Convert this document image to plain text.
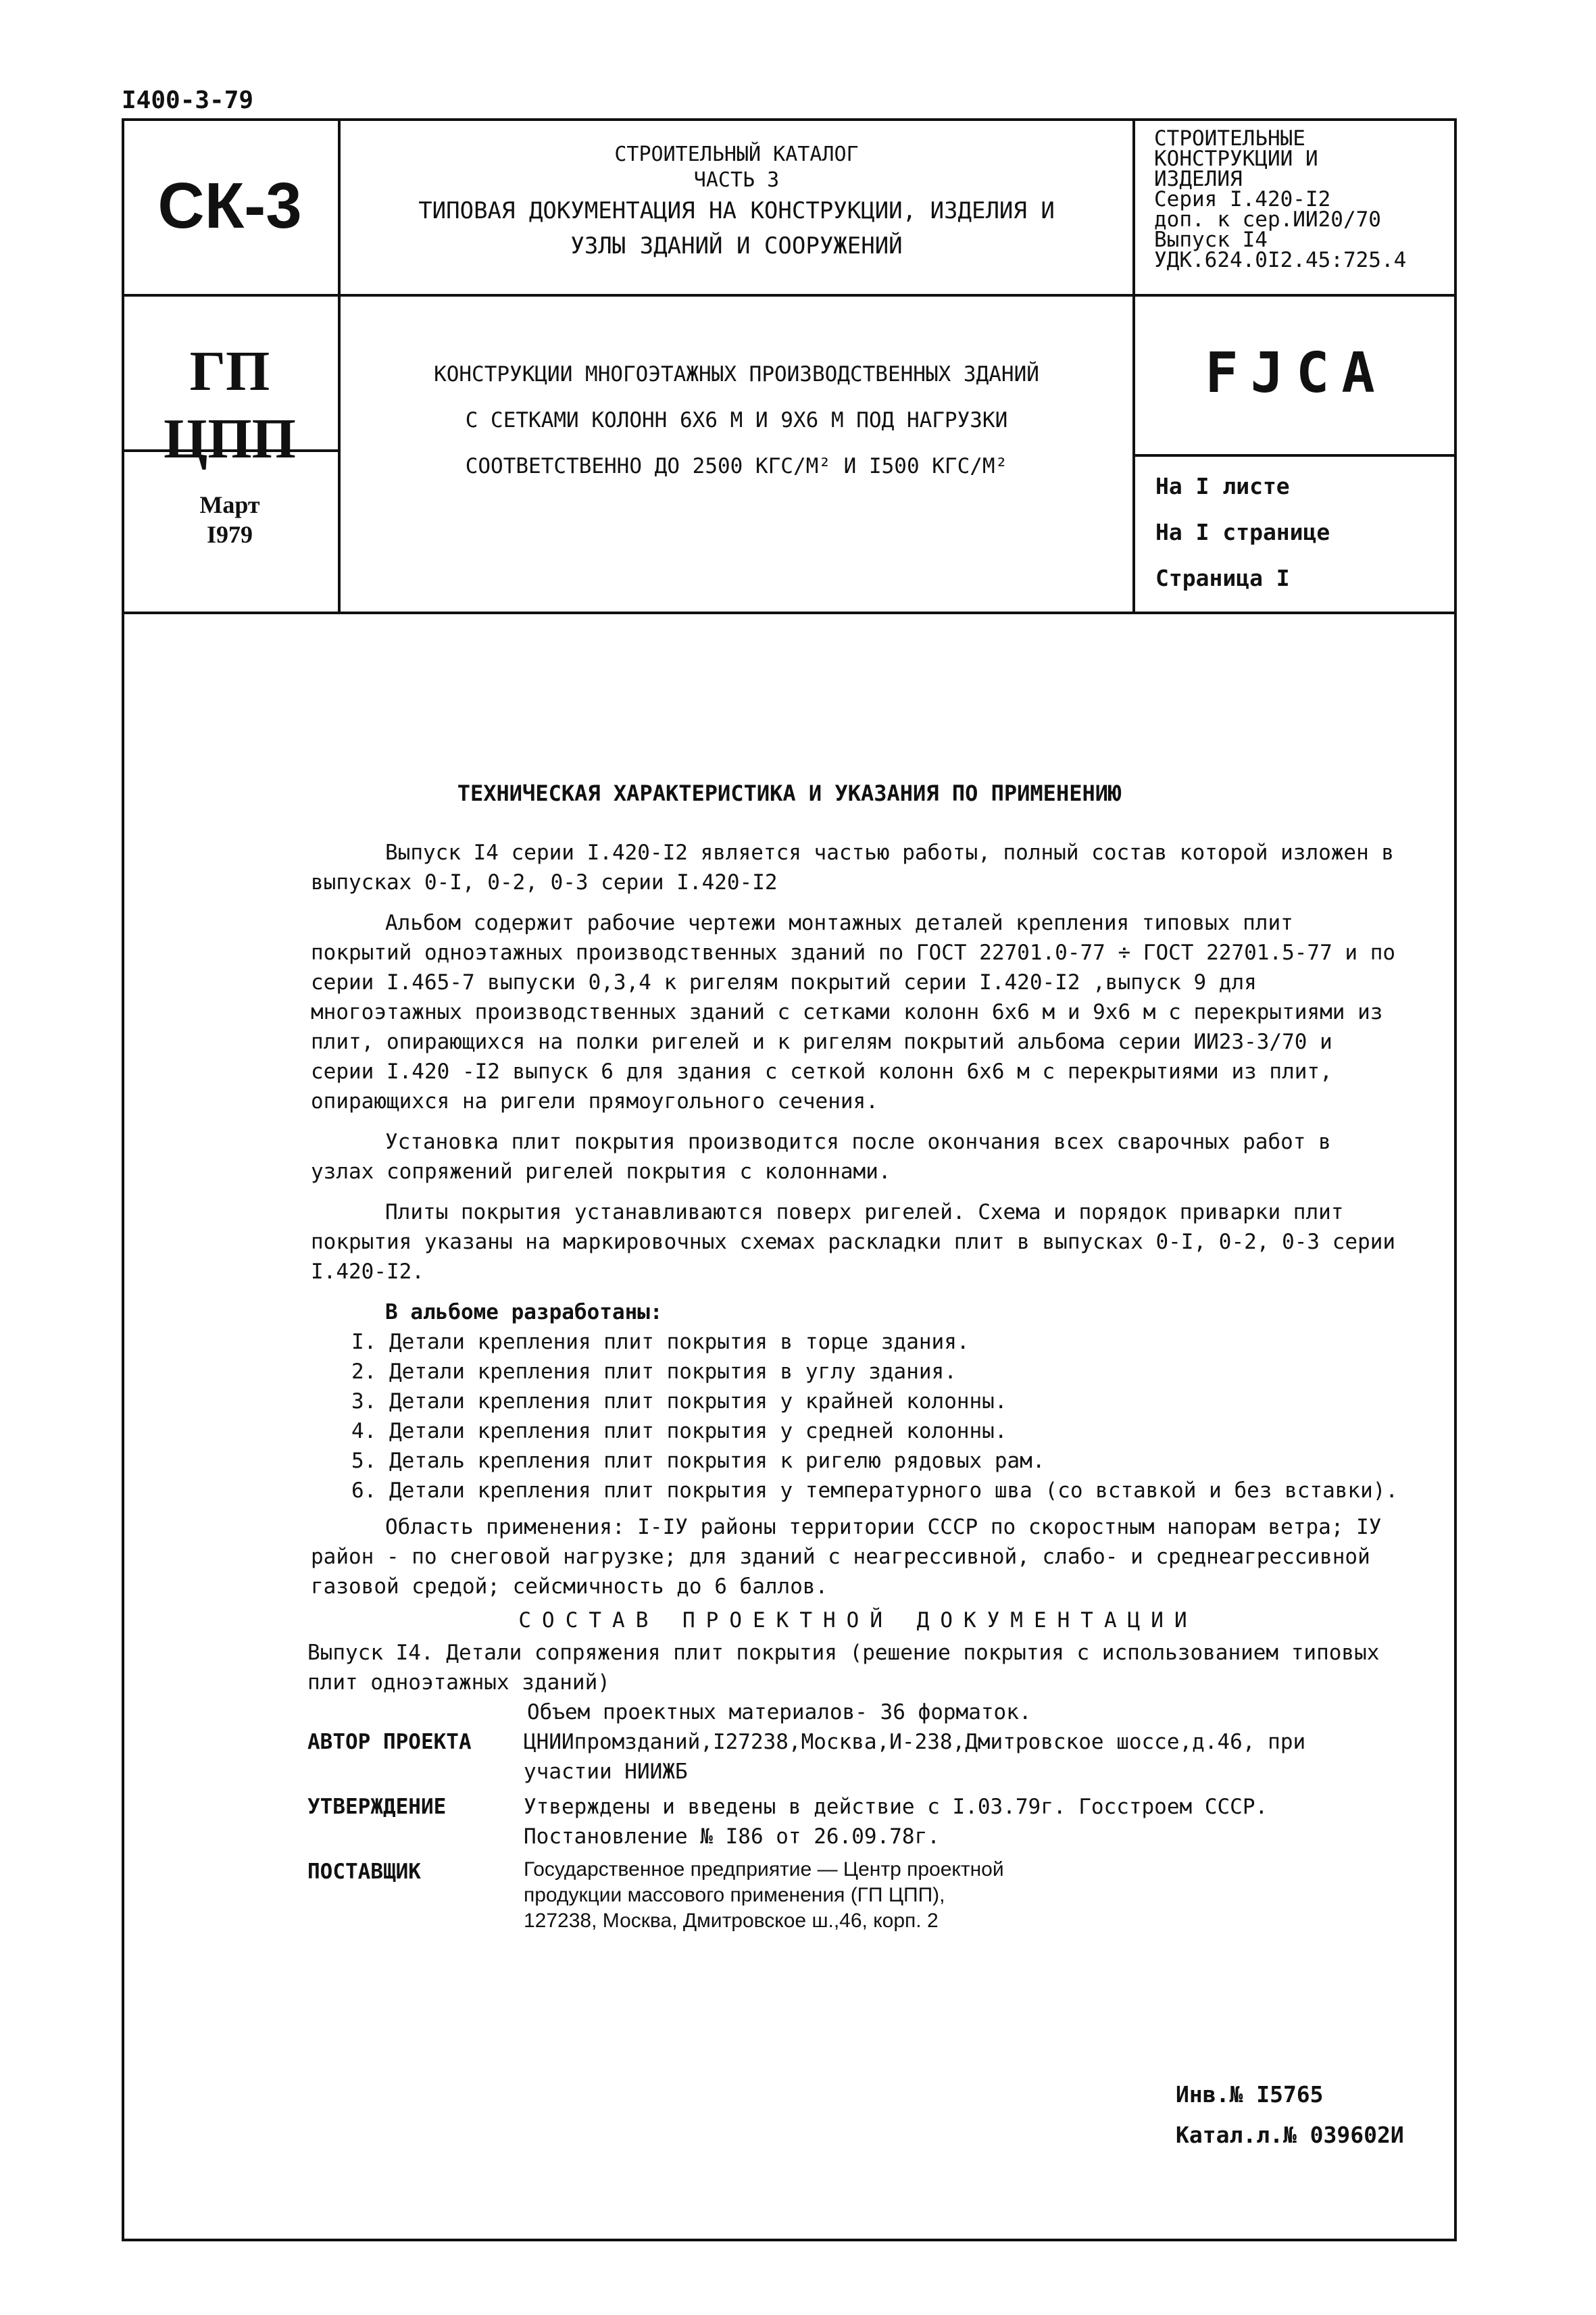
I400-3-79
СК-3
ГП
ЦПП
Март
I979
СТРОИТЕЛЬНЫЙ КАТАЛОГ
ЧАСТЬ 3
ТИПОВАЯ ДОКУМЕНТАЦИЯ НА КОНСТРУКЦИИ, ИЗДЕЛИЯ И
УЗЛЫ ЗДАНИЙ И СООРУЖЕНИЙ
СТРОИТЕЛЬНЫЕ
КОНСТРУКЦИИ И
ИЗДЕЛИЯ
Серия I.420-I2
доп. к сер.ИИ20/70
Выпуск I4
УДК.624.0I2.45:725.4
FJCA
На I листе
На I странице
Страница I
КОНСТРУКЦИИ МНОГОЭТАЖНЫХ ПРОИЗВОДСТВЕННЫХ ЗДАНИЙ
С СЕТКАМИ КОЛОНН 6Х6 М И 9Х6 М ПОД НАГРУЗКИ
СООТВЕТСТВЕННО ДО 2500 КГС/М² И I500 КГС/М²
ТЕХНИЧЕСКАЯ ХАРАКТЕРИСТИКА И УКАЗАНИЯ ПО ПРИМЕНЕНИЮ

Выпуск I4 серии I.420-I2 является частью работы, полный состав которой изложен в выпусках 0-I, 0-2, 0-3 серии I.420-I2

Альбом содержит рабочие чертежи монтажных деталей крепления типовых плит покрытий одноэтажных производственных зданий по ГОСТ 22701.0-77 ÷ ГОСТ 22701.5-77 и по серии I.465-7 выпуски 0,3,4 к ригелям покрытий серии I.420-I2 ,выпуск 9 для многоэтажных производственных зданий с сетками колонн 6х6 м и 9х6 м с перекрытиями из плит, опирающихся на полки ригелей и к ригелям покрытий альбома серии ИИ23-3/70 и серии I.420 -I2 выпуск 6 для здания с сеткой колонн 6х6 м с перекрытиями из плит, опирающихся на ригели прямоугольного сечения.

Установка плит покрытия производится после окончания всех сварочных работ в узлах сопряжений ригелей покрытия с колоннами.

Плиты покрытия устанавливаются поверх ригелей. Схема и порядок приварки плит покрытия указаны на маркировочных схемах раскладки плит в выпусках 0-I, 0-2, 0-3 серии I.420-I2.

В альбоме разработаны:

I. Детали крепления плит покрытия в торце здания.
2. Детали крепления плит покрытия в углу здания.
3. Детали крепления плит покрытия у крайней колонны.
4. Детали крепления плит покрытия у средней колонны.
5. Деталь крепления плит покрытия к ригелю рядовых рам.
6. Детали крепления плит покрытия у температурного шва (со вставкой и без вставки).

Область применения: I-IУ районы территории СССР по скоростным напорам ветра; IУ район - по снеговой нагрузке; для зданий с неагрессивной, слабо- и среднеагрессивной газовой средой; сейсмичность до 6 баллов.

СОСТАВ ПРОЕКТНОЙ ДОКУМЕНТАЦИИ
Выпуск I4. Детали сопряжения плит покрытия (решение покрытия с использованием типовых плит одноэтажных зданий)
Объем проектных материалов- 36 форматок.
АВТОР ПРОЕКТА	ЦНИИпромзданий,I27238,Москва,И-238,Дмитровское шоссе,д.46, при участии НИИЖБ
УТВЕРЖДЕНИЕ	Утверждены и введены в действие с I.03.79г. Госстроем СССР. Постановление № I86 от 26.09.78г.
ПОСТАВЩИК	Государственное предприятие — Центр проектной
продукции массового применения (ГП ЦПП),
127238, Москва, Дмитровское ш.,46, корп. 2
Инв.№ I5765
Катал.л.№ 039602И
